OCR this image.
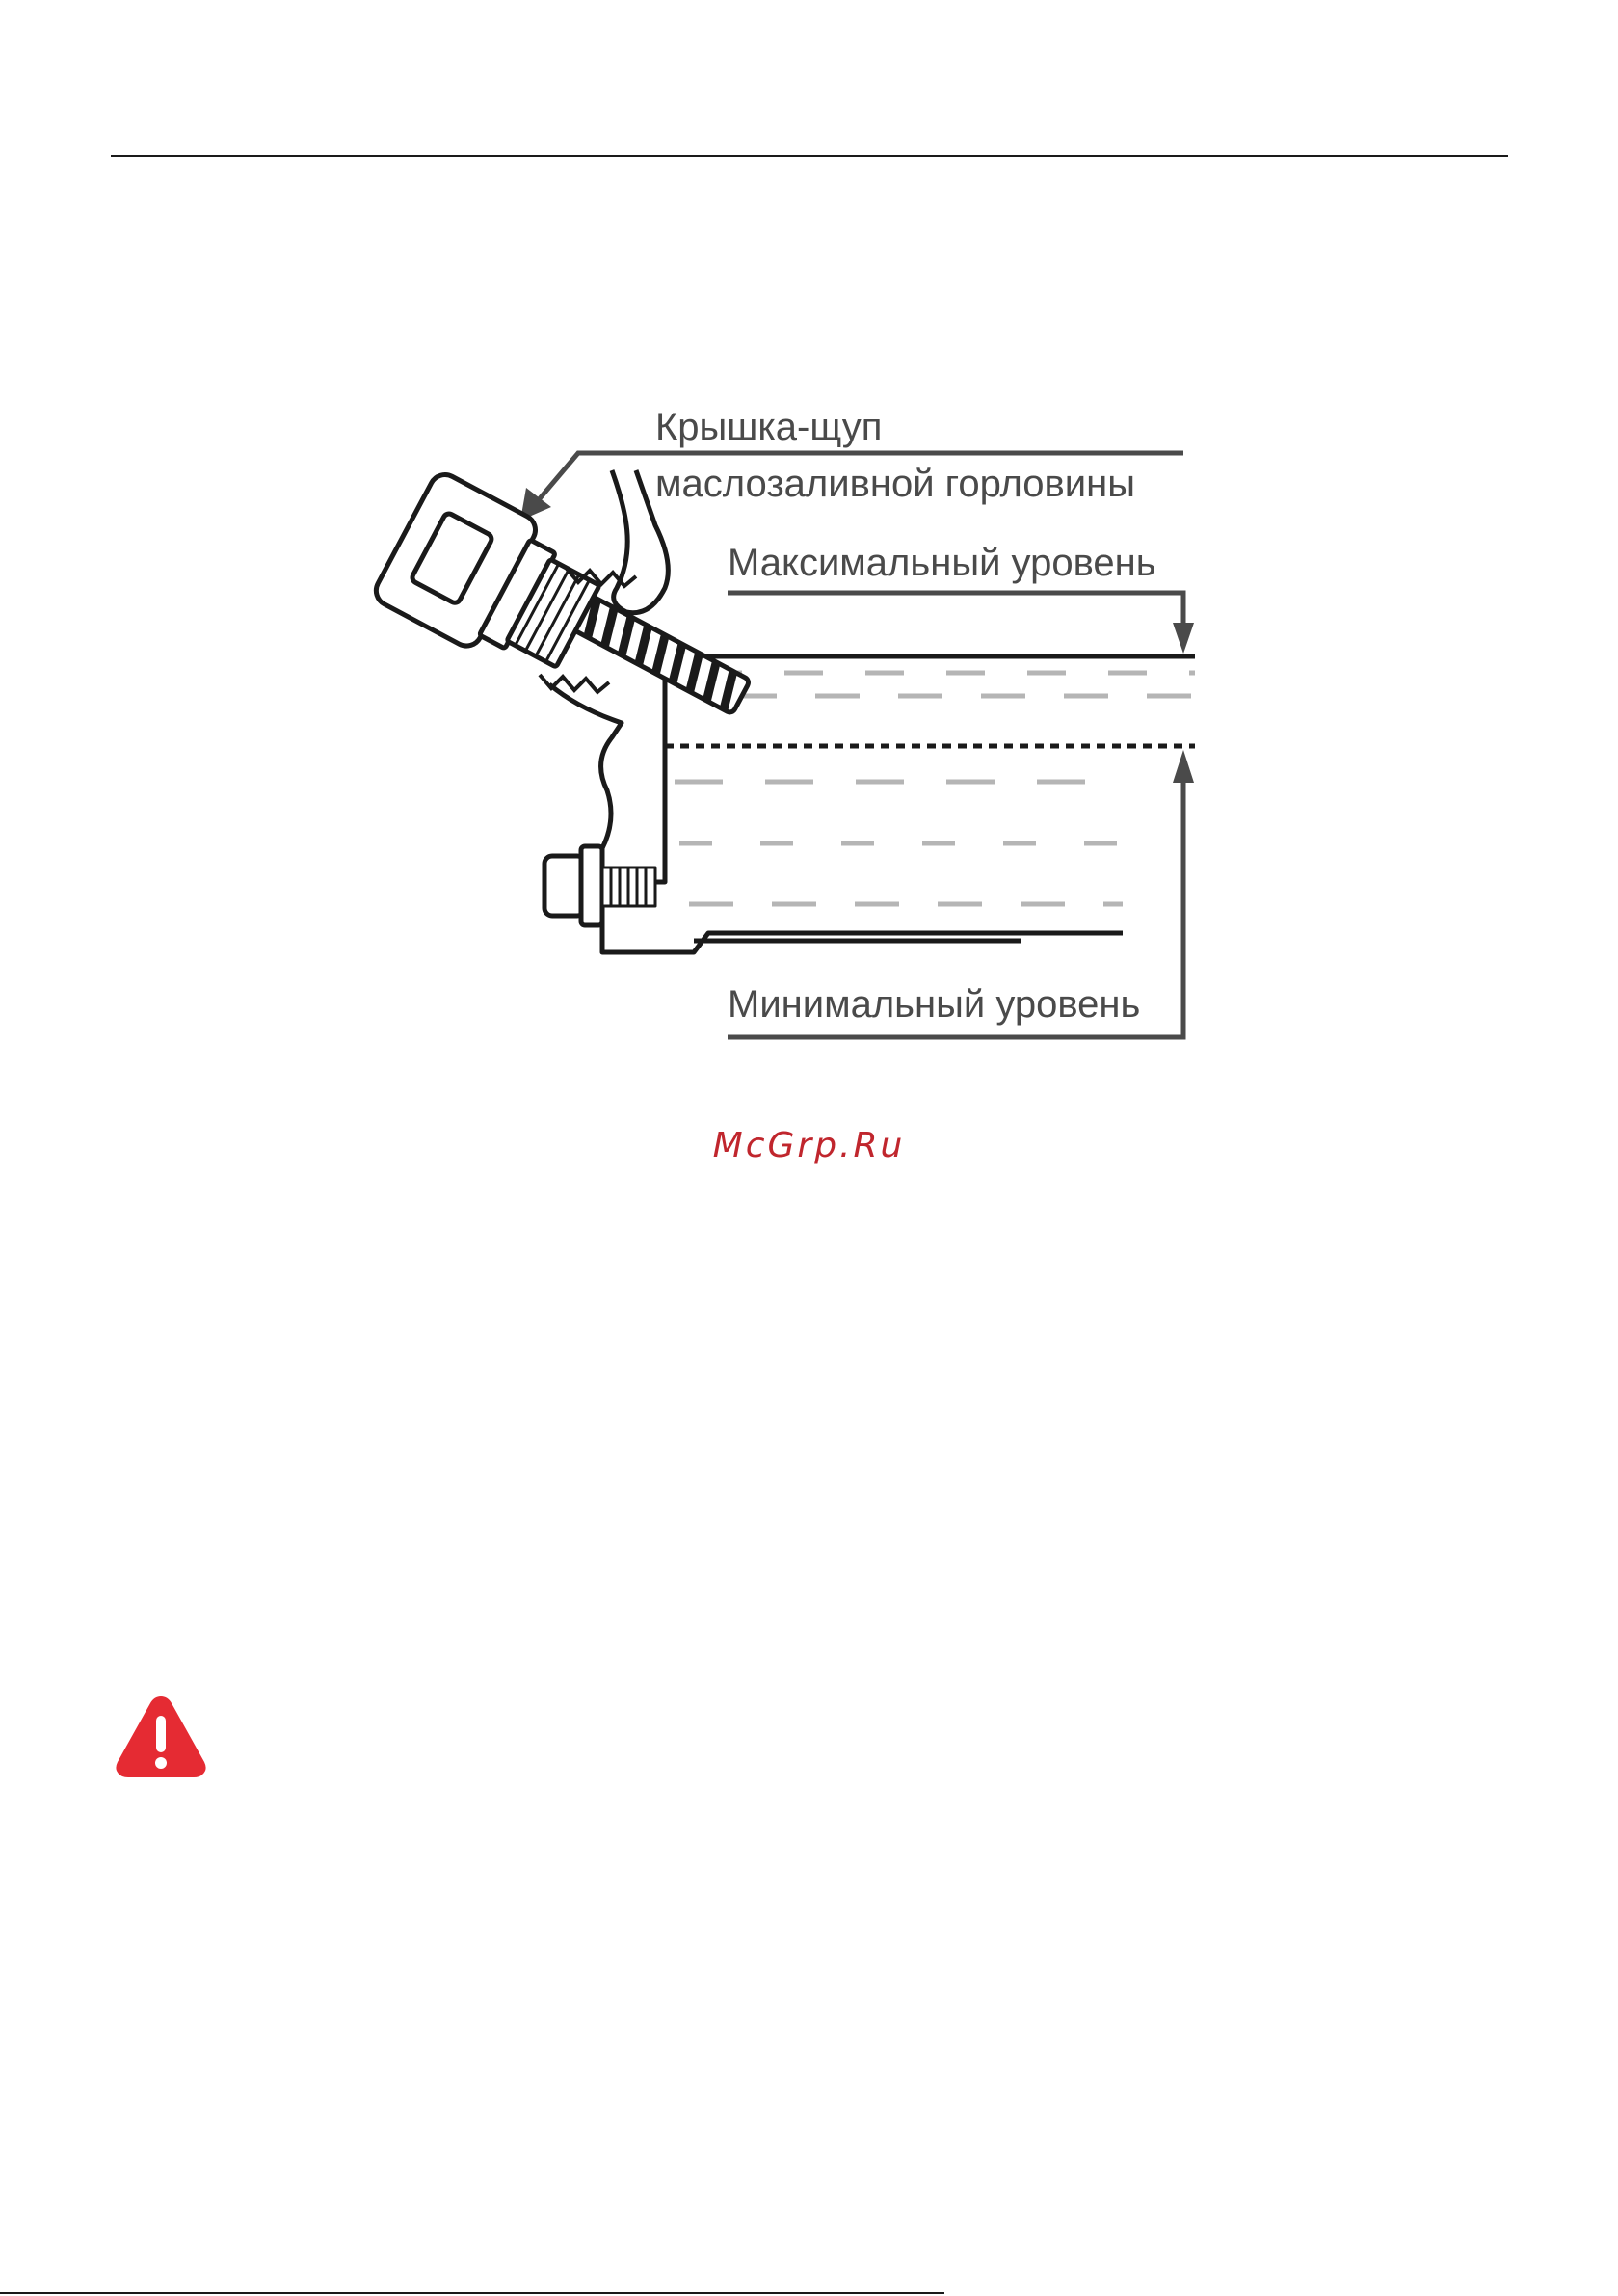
Крышка-щуп
маслозаливной горловины
Максимальный уровень
Минимальный уровень
McGrp.Ru
